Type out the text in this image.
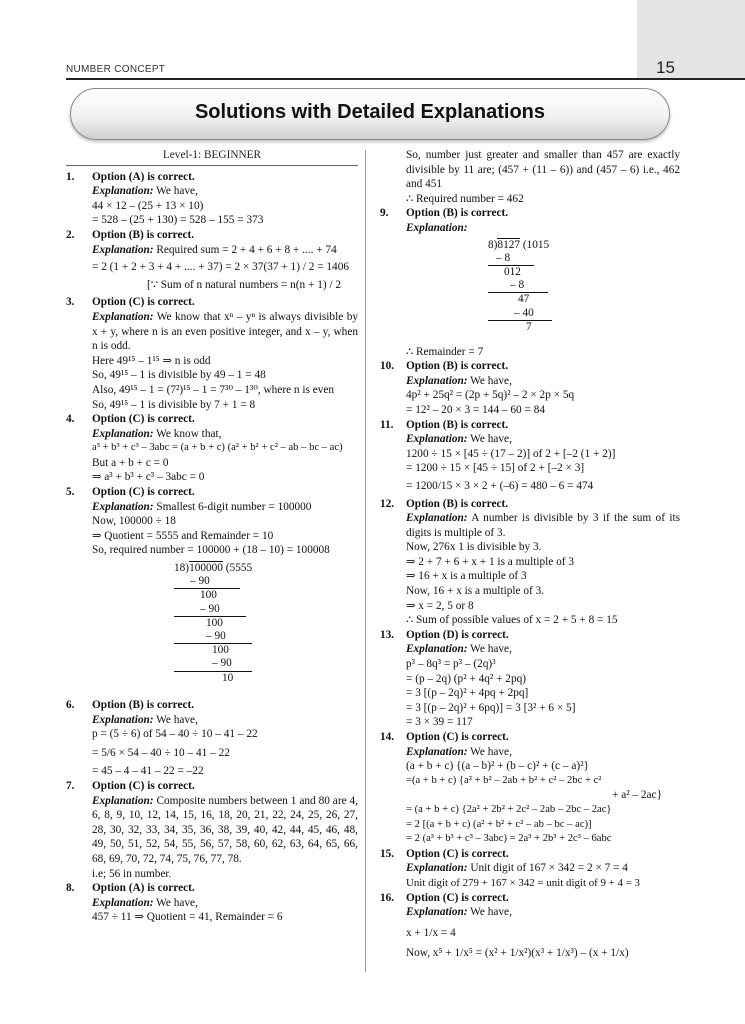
NUMBER CONCEPT	15
Solutions with Detailed Explanations
Level-1: BEGINNER
1. Option (A) is correct.
Explanation: We have,
44 × 12 – (25 + 13 × 10)
= 528 – (25 + 130) = 528 – 155 = 373
2. Option (B) is correct.
Explanation: Required sum = 2 + 4 + 6 + 8 + .... + 74
= 2 (1 + 2 + 3 + 4 + .... + 37) = 2 × 37(37 + 1) / 2 = 1406
[∵ Sum of n natural numbers = n(n + 1) / 2
3. Option (C) is correct.
Explanation: We know that xⁿ – yⁿ is always divisible by x + y, where n is an even positive integer, and x – y, when n is odd.
Here 49¹⁵ – 1¹⁵ ⇒ n is odd
So, 49¹⁵ – 1 is divisible by 49 – 1 = 48
Also, 49¹⁵ – 1 = (7²)¹⁵ – 1 = 7³⁰ – 1³⁰, where n is even
So, 49¹⁵ – 1 is divisible by 7 + 1 = 8
4. Option (C) is correct.
Explanation: We know that,
a³ + b³ + c³ – 3abc = (a + b + c) (a² + b² + c² – ab – bc – ac)
But a + b + c = 0
⇒ a³ + b³ + c³ – 3abc = 0
5. Option (C) is correct.
Explanation: Smallest 6-digit number = 100000
Now, 100000 ÷ 18
⇒ Quotient = 5555 and Remainder = 10
So, required number = 100000 + (18 – 10) = 100008
18)100000 (5555
– 90
100
– 90
100
– 90
100
– 90
10
6. Option (B) is correct.
Explanation: We have,
p = (5 ÷ 6) of 54 – 40 ÷ 10 – 41 – 22
= 5/6 × 54 – 40 ÷ 10 – 41 – 22
= 45 – 4 – 41 – 22 = –22
7. Option (C) is correct.
Explanation: Composite numbers between 1 and 80 are 4, 6, 8, 9, 10, 12, 14, 15, 16, 18, 20, 21, 22, 24, 25, 26, 27, 28, 30, 32, 33, 34, 35, 36, 38, 39, 40, 42, 44, 45, 46, 48, 49, 50, 51, 52, 54, 55, 56, 57, 58, 60, 62, 63, 64, 65, 66, 68, 69, 70, 72, 74, 75, 76, 77, 78.
i.e; 56 in number.
8. Option (A) is correct.
Explanation: We have,
457 ÷ 11 ⇒ Quotient = 41, Remainder = 6
So, number just greater and smaller than 457 are exactly divisible by 11 are; (457 + (11 – 6)) and (457 – 6) i.e., 462 and 451
∴ Required number = 462
9. Option (B) is correct.
Explanation:
8)8127 (1015
– 8
012
– 8
47
– 40
7
∴ Remainder = 7
10. Option (B) is correct.
Explanation: We have,
4p² + 25q² = (2p + 5q)² – 2 × 2p × 5q
= 12² – 20 × 3 = 144 – 60 = 84
11. Option (B) is correct.
Explanation: We have,
1200 ÷ 15 × [45 ÷ (17 – 2)] of 2 + [–2 (1 + 2)]
= 1200 ÷ 15 × [45 ÷ 15] of 2 + [–2 × 3]
= 1200/15 × 3 × 2 + (–6) = 480 – 6 = 474
12. Option (B) is correct.
Explanation: A number is divisible by 3 if the sum of its digits is multiple of 3.
Now, 276x 1 is divisible by 3.
⇒ 2 + 7 + 6 + x + 1 is a multiple of 3
⇒ 16 + x is a multiple of 3
Now, 16 + x is a multiple of 3.
⇒ x = 2, 5 or 8
∴ Sum of possible values of x = 2 + 5 + 8 = 15
13. Option (D) is correct.
Explanation: We have,
p³ – 8q³ = p³ – (2q)³
= (p – 2q) (p² + 4q² + 2pq)
= 3 [(p – 2q)² + 4pq + 2pq]
= 3 [(p – 2q)² + 6pq)] = 3 [3² + 6 × 5]
= 3 × 39 = 117
14. Option (C) is correct.
Explanation: We have,
(a + b + c) {(a – b)² + (b – c)² + (c – a)²}
=(a + b + c) {a² + b² – 2ab + b² + c² – 2bc + c²
+ a² – 2ac}
= (a + b + c) {2a² + 2b² + 2c² – 2ab – 2bc – 2ac}
= 2 [(a + b + c) (a² + b² + c² – ab – bc – ac)]
= 2 (a³ + b³ + c³ – 3abc) = 2a³ + 2b³ + 2c³ – 6abc
15. Option (C) is correct.
Explanation: Unit digit of 167 × 342 = 2 × 7 = 4
Unit digit of 279 + 167 × 342 = unit digit of 9 + 4 = 3
16. Option (C) is correct.
Explanation: We have,
x + 1/x = 4
Now, x⁵ + 1/x⁵ = (x² + 1/x²)(x³ + 1/x³) – (x + 1/x)
